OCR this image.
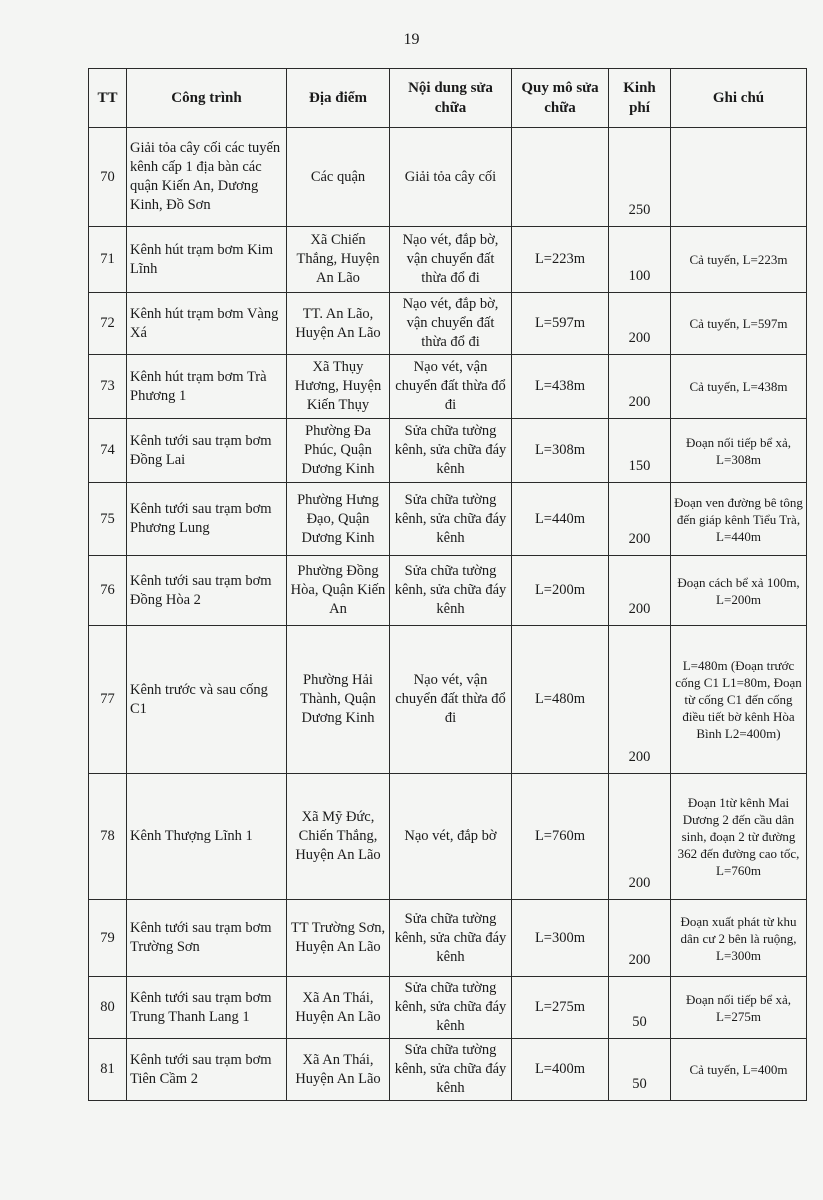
19
TT	Công trình	Địa điểm	Nội dung sửa chữa	Quy mô sửa chữa	Kinh phí	Ghi chú
70	Giải tỏa cây cối các tuyến kênh cấp 1 địa bàn các quận Kiến An, Dương Kinh, Đồ Sơn	Các quận	Giải tỏa cây cối		250	
71	Kênh hút trạm bơm Kim Lĩnh	Xã Chiến Thắng, Huyện An Lão	Nạo vét, đắp bờ, vận chuyển đất thừa đổ đi	L=223m	100	Cả tuyến, L=223m
72	Kênh hút trạm bơm Vàng Xá	TT. An Lão, Huyện An Lão	Nạo vét, đắp bờ, vận chuyển đất thừa đổ đi	L=597m	200	Cả tuyến, L=597m
73	Kênh hút trạm bơm Trà Phương 1	Xã Thụy Hương, Huyện Kiến Thụy	Nạo vét, vận chuyển đất thừa đổ đi	L=438m	200	Cả tuyến, L=438m
74	Kênh tưới sau trạm bơm Đồng Lai	Phường Đa Phúc, Quận Dương Kinh	Sửa chữa tường kênh, sửa chữa đáy kênh	L=308m	150	Đoạn nối tiếp bể xả, L=308m
75	Kênh tưới sau trạm bơm Phương Lung	Phường Hưng Đạo, Quận Dương Kinh	Sửa chữa tường kênh, sửa chữa đáy kênh	L=440m	200	Đoạn ven đường bê tông đến giáp kênh Tiểu Trà, L=440m
76	Kênh tưới sau trạm bơm Đồng Hòa 2	Phường Đồng Hòa, Quận Kiến An	Sửa chữa tường kênh, sửa chữa đáy kênh	L=200m	200	Đoạn cách bể xả 100m, L=200m
77	Kênh trước và sau cống C1	Phường Hải Thành, Quận Dương Kinh	Nạo vét, vận chuyển đất thừa đổ đi	L=480m	200	L=480m (Đoạn trước cống C1 L1=80m, Đoạn từ cống C1 đến cống điều tiết bờ kênh Hòa Bình L2=400m)
78	Kênh Thượng Lĩnh 1	Xã Mỹ Đức, Chiến Thắng, Huyện An Lão	Nạo vét, đắp bờ	L=760m	200	Đoạn 1từ kênh Mai Dương 2 đến cầu dân sinh, đoạn 2 từ đường 362 đến đường cao tốc, L=760m
79	Kênh tưới sau trạm bơm Trường Sơn	TT Trường Sơn, Huyện An Lão	Sửa chữa tường kênh, sửa chữa đáy kênh	L=300m	200	Đoạn xuất phát từ khu dân cư 2 bên là ruộng, L=300m
80	Kênh tưới sau trạm bơm Trung Thanh Lang 1	Xã An Thái, Huyện An Lão	Sửa chữa tường kênh, sửa chữa đáy kênh	L=275m	50	Đoạn nối tiếp bể xả, L=275m
81	Kênh tưới sau trạm bơm Tiên Cầm 2	Xã An Thái, Huyện An Lão	Sửa chữa tường kênh, sửa chữa đáy kênh	L=400m	50	Cả tuyến, L=400m
